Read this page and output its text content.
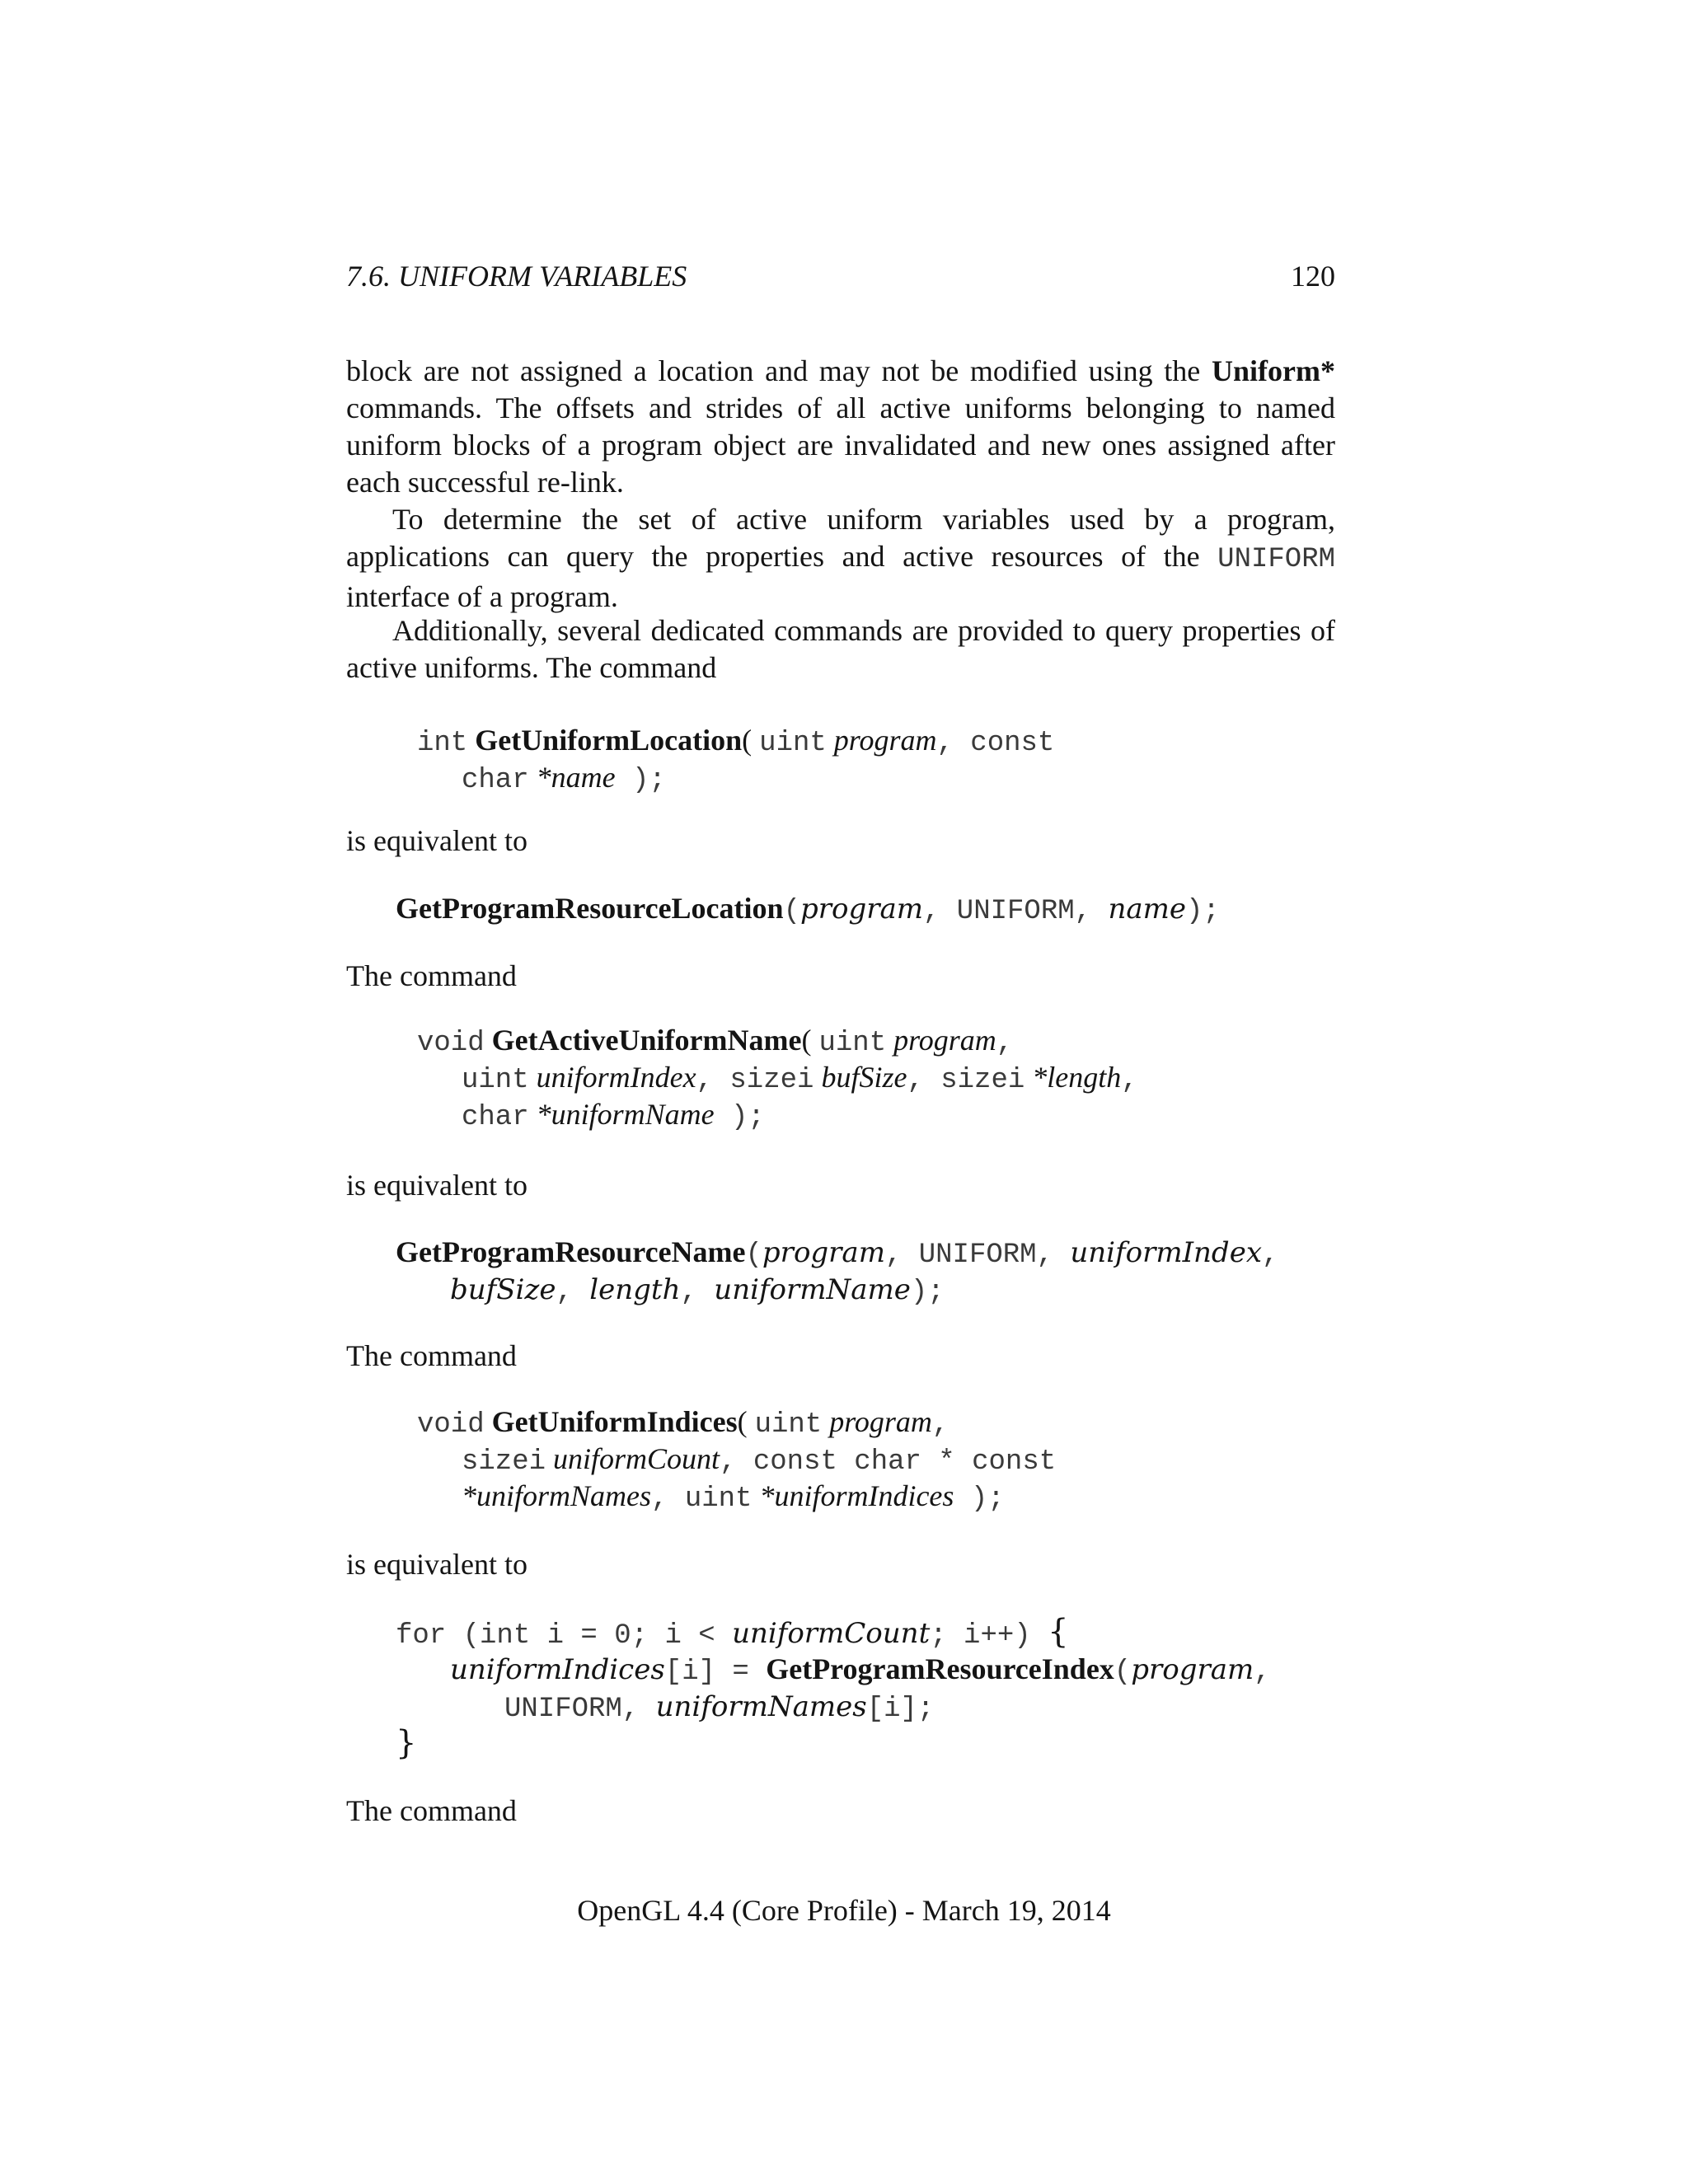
7.6. UNIFORM VARIABLES	120
block are not assigned a location and may not be modified using the Uniform* commands. The offsets and strides of all active uniforms belonging to named uniform blocks of a program object are invalidated and new ones assigned after each successful re-link.
To determine the set of active uniform variables used by a program, applications can query the properties and active resources of the UNIFORM interface of a program.
Additionally, several dedicated commands are provided to query properties of active uniforms. The command
int GetUniformLocation( uint program, const
char *name );
is equivalent to
GetProgramResourceLocation(program, UNIFORM, name);
The command
void GetActiveUniformName( uint program,
uint uniformIndex, sizei bufSize, sizei *length,
char *uniformName );
is equivalent to
GetProgramResourceName(program, UNIFORM, uniformIndex,
bufSize, length, uniformName);
The command
void GetUniformIndices( uint program,
sizei uniformCount, const char * const
*uniformNames, uint *uniformIndices );
is equivalent to
for (int i = 0; i < uniformCount; i++) {
uniformIndices[i] = GetProgramResourceIndex(program,
UNIFORM, uniformNames[i];
}
The command
OpenGL 4.4 (Core Profile) - March 19, 2014
